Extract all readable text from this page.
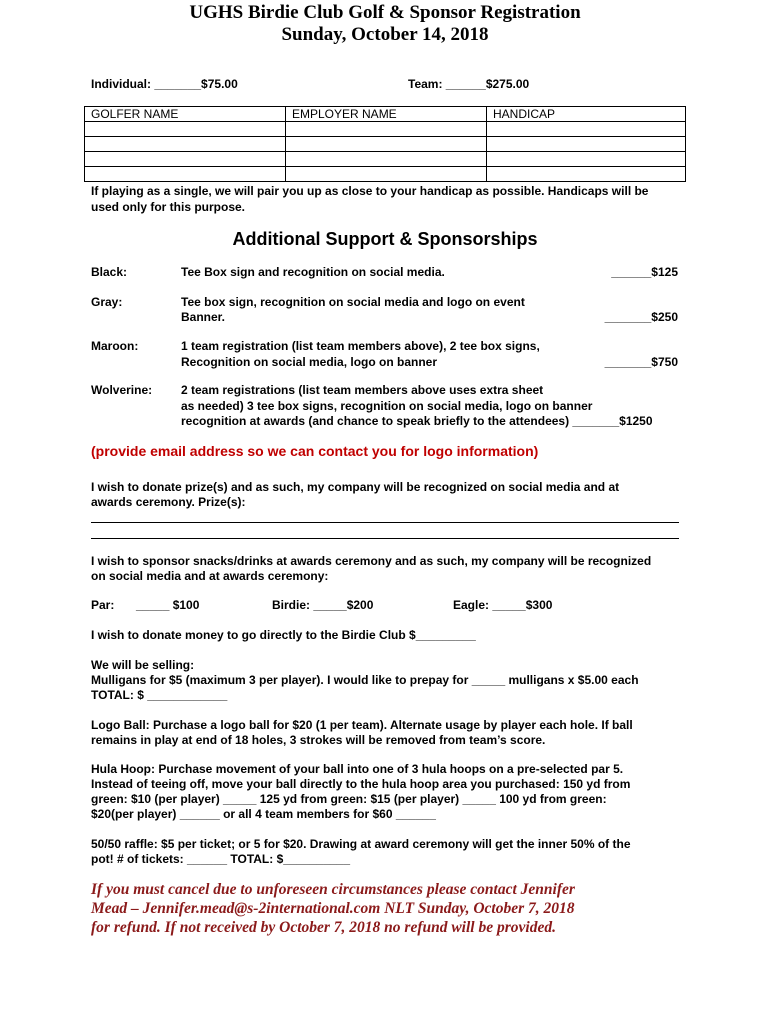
UGHS Birdie Club Golf & Sponsor Registration
Sunday, October 14, 2018
Individual: _______$75.00	Team: ______$275.00
GOLFER NAME	EMPLOYER NAME	HANDICAP

If playing as a single, we will pair you up as close to your handicap as possible. Handicaps will be
used only for this purpose.
Additional Support & Sponsorships
Black:	Tee Box sign and recognition on social media.	______$125
Gray:	Tee box sign, recognition on social media and logo on event
Banner.	_______$250
Maroon:	1 team registration (list team members above), 2 tee box signs,
Recognition on social media, logo on banner	_______$750
Wolverine: 2 team registrations (list team members above uses extra sheet
as needed) 3 tee box signs, recognition on social media, logo on banner
recognition at awards (and chance to speak briefly to the attendees) _______$1250
(provide email address so we can contact you for logo information)
I wish to donate prize(s) and as such, my company will be recognized on social media and at
awards ceremony. Prize(s):
I wish to sponsor snacks/drinks at awards ceremony and as such, my company will be recognized
on social media and at awards ceremony:
Par: _____ $100	Birdie: _____$200	Eagle: _____$300
I wish to donate money to go directly to the Birdie Club $_________
We will be selling:
Mulligans for $5 (maximum 3 per player). I would like to prepay for _____ mulligans x $5.00 each
TOTAL: $ ____________
Logo Ball: Purchase a logo ball for $20 (1 per team). Alternate usage by player each hole. If ball
remains in play at end of 18 holes, 3 strokes will be removed from team’s score.
Hula Hoop: Purchase movement of your ball into one of 3 hula hoops on a pre-selected par 5.
Instead of teeing off, move your ball directly to the hula hoop area you purchased: 150 yd from
green: $10 (per player) _____ 125 yd from green: $15 (per player) _____ 100 yd from green:
$20(per player) ______ or all 4 team members for $60 ______
50/50 raffle: $5 per ticket; or 5 for $20. Drawing at award ceremony will get the inner 50% of the
pot! # of tickets: ______ TOTAL: $__________
If you must cancel due to unforeseen circumstances please contact Jennifer
Mead – Jennifer.mead@s-2international.com NLT Sunday, October 7, 2018
for refund. If not received by October 7, 2018 no refund will be provided.
